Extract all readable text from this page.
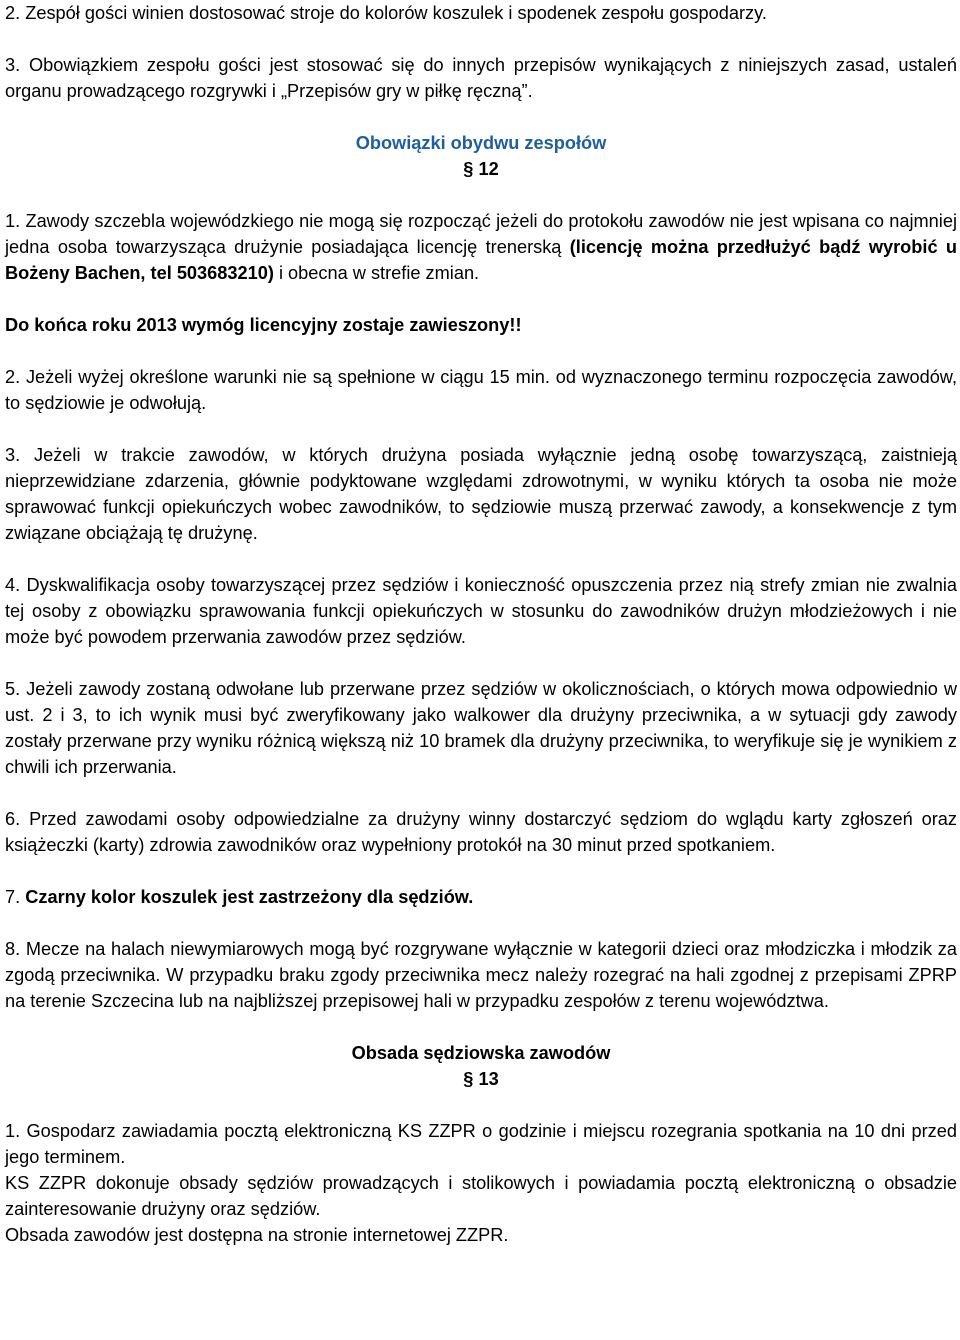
2. Zespół gości winien dostosować stroje do kolorów koszulek i spodenek zespołu gospodarzy.

3. Obowiązkiem zespołu gości jest stosować się do innych przepisów wynikających z niniejszych zasad, ustaleń organu prowadzącego rozgrywki i „Przepisów gry w piłkę ręczną”.

Obowiązki obydwu zespołów

§ 12

1. Zawody szczebla wojewódzkiego nie mogą się rozpocząć jeżeli do protokołu zawodów nie jest wpisana co najmniej jedna osoba towarzysząca drużynie posiadająca licencję trenerską (licencję można przedłużyć bądź wyrobić u Bożeny Bachen, tel 503683210) i obecna w strefie zmian.

Do końca roku 2013 wymóg licencyjny zostaje zawieszony!!

2. Jeżeli wyżej określone warunki nie są spełnione w ciągu 15 min. od wyznaczonego terminu rozpoczęcia zawodów, to sędziowie je odwołują.

3. Jeżeli w trakcie zawodów, w których drużyna posiada wyłącznie jedną osobę towarzyszącą, zaistnieją nieprzewidziane zdarzenia, głównie podyktowane względami zdrowotnymi, w wyniku których ta osoba nie może sprawować funkcji opiekuńczych wobec zawodników, to sędziowie muszą przerwać zawody, a konsekwencje z tym związane obciążają tę drużynę.

4. Dyskwalifikacja osoby towarzyszącej przez sędziów i konieczność opuszczenia przez nią strefy zmian nie zwalnia tej osoby z obowiązku sprawowania funkcji opiekuńczych w stosunku do zawodników drużyn młodzieżowych i nie może być powodem przerwania zawodów przez sędziów.

5. Jeżeli zawody zostaną odwołane lub przerwane przez sędziów w okolicznościach, o których mowa odpowiednio w ust. 2 i 3, to ich wynik musi być zweryfikowany jako walkower dla drużyny przeciwnika, a w sytuacji gdy zawody zostały przerwane przy wyniku różnicą większą niż 10 bramek dla drużyny przeciwnika, to weryfikuje się je wynikiem z chwili ich przerwania.

6. Przed zawodami osoby odpowiedzialne za drużyny winny dostarczyć sędziom do wglądu karty zgłoszeń oraz książeczki (karty) zdrowia zawodników oraz wypełniony protokół na 30 minut przed spotkaniem.

7. Czarny kolor koszulek jest zastrzeżony dla sędziów.

8. Mecze na halach niewymiarowych mogą być rozgrywane wyłącznie w kategorii dzieci oraz młodziczka i młodzik za zgodą przeciwnika. W przypadku braku zgody przeciwnika mecz należy rozegrać na hali zgodnej z przepisami ZPRP na terenie Szczecina lub na najbliższej przepisowej hali w przypadku zespołów z terenu województwa.

Obsada sędziowska zawodów

§ 13

1. Gospodarz zawiadamia pocztą elektroniczną KS ZZPR o godzinie i miejscu rozegrania spotkania na 10 dni przed jego terminem.

KS ZZPR dokonuje obsady sędziów prowadzących i stolikowych i powiadamia pocztą elektroniczną o obsadzie zainteresowanie drużyny oraz sędziów.

Obsada zawodów jest dostępna na stronie internetowej ZZPR.
